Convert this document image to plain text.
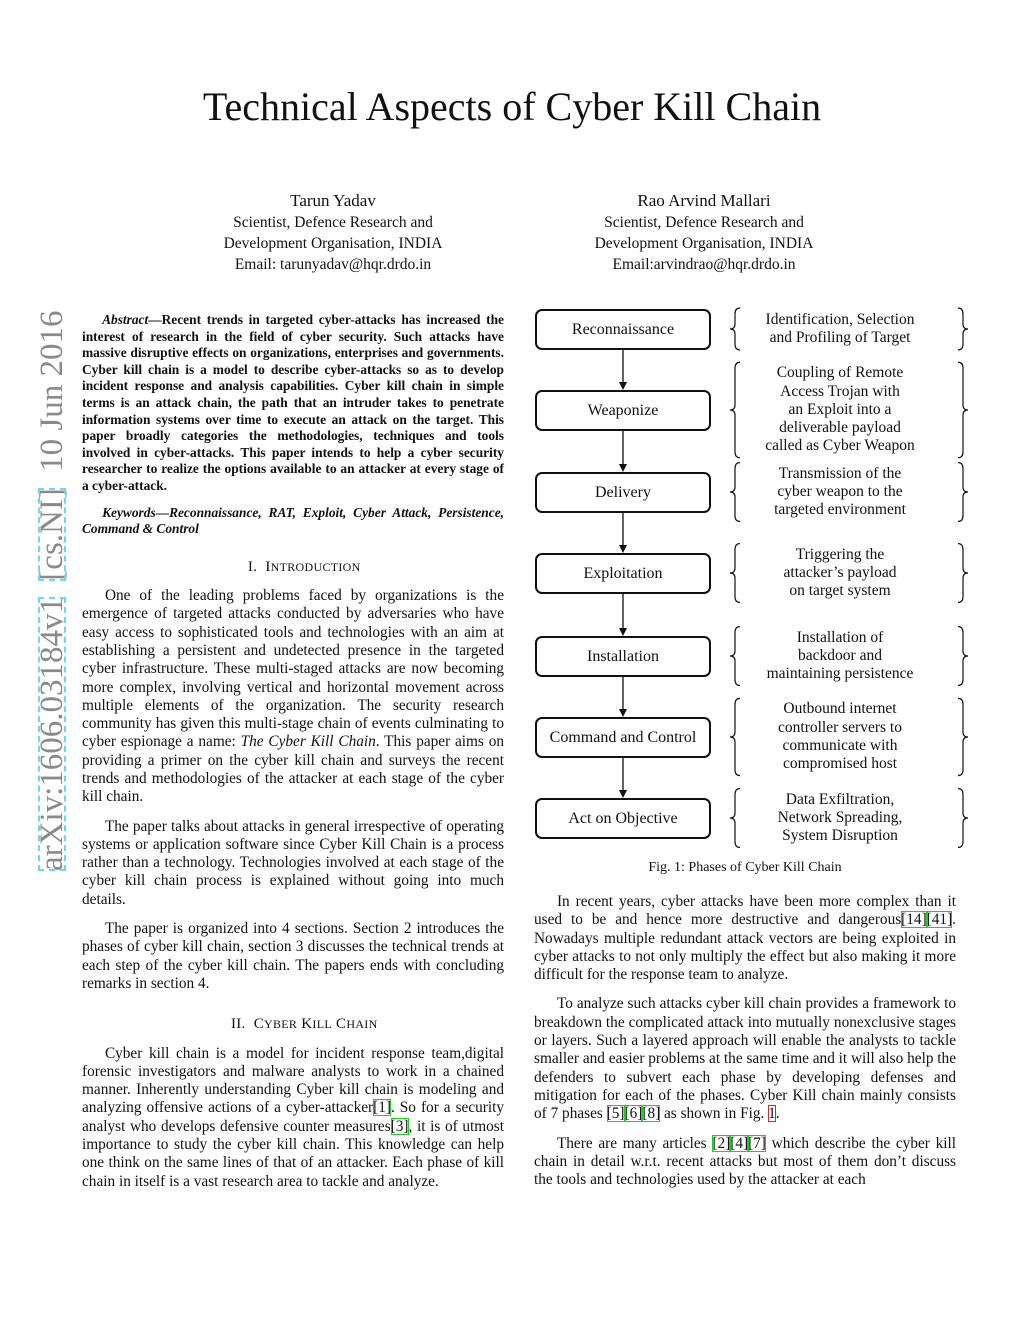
Technical Aspects of Cyber Kill Chain
Tarun Yadav
Scientist, Defence Research and
Development Organisation, INDIA
Email: tarunyadav@hqr.drdo.in
Rao Arvind Mallari
Scientist, Defence Research and
Development Organisation, INDIA
Email:arvindrao@hqr.drdo.in
arXiv:1606.03184v1 [cs.NI] 10 Jun 2016	Abstract—Recent trends in targeted cyber-attacks has increased the interest of research in the field of cyber security. Such attacks have massive disruptive effects on organizations, enterprises and governments. Cyber kill chain is a model to describe cyber-attacks so as to develop incident response and analysis capabilities. Cyber kill chain in simple terms is an attack chain, the path that an intruder takes to penetrate information systems over time to execute an attack on the target. This paper broadly categories the methodologies, techniques and tools involved in cyber-attacks. This paper intends to help a cyber security researcher to realize the options available to an attacker at every stage of a cyber-attack.
Keywords—Reconnaissance, RAT, Exploit, Cyber Attack, Persistence, Command & Control

I. INTRODUCTION

One of the leading problems faced by organizations is the emergence of targeted attacks conducted by adversaries who have easy access to sophisticated tools and technologies with an aim at establishing a persistent and undetected presence in the targeted cyber infrastructure. These multi-staged attacks are now becoming more complex, involving vertical and horizontal movement across multiple elements of the organization. The security research community has given this multi-stage chain of events culminating to cyber espionage a name: The Cyber Kill Chain. This paper aims on providing a primer on the cyber kill chain and surveys the recent trends and methodologies of the attacker at each stage of the cyber kill chain.

The paper talks about attacks in general irrespective of operating systems or application software since Cyber Kill Chain is a process rather than a technology. Technologies involved at each stage of the cyber kill chain process is explained without going into much details.

The paper is organized into 4 sections. Section 2 introduces the phases of cyber kill chain, section 3 discusses the technical trends at each step of the cyber kill chain. The papers ends with concluding remarks in section 4.

II. CYBER KILL CHAIN

Cyber kill chain is a model for incident response team,digital forensic investigators and malware analysts to work in a chained manner. Inherently understanding Cyber kill chain is modeling and analyzing offensive actions of a cyber-attacker[1]. So for a security analyst who develops defensive counter measures[3], it is of utmost importance to study the cyber kill chain. This knowledge can help one think on the same lines of that of an attacker. Each phase of kill chain in itself is a vast research area to tackle and analyze.

Reconnaissance
Identification, Selection
and Profiling of Target
Weaponize
Coupling of Remote
Access Trojan with
an Exploit into a
deliverable payload
called as Cyber Weapon
Delivery
Transmission of the
cyber weapon to the
targeted environment
Exploitation
Triggering the
attacker’s payload
on target system
Installation
Installation of
backdoor and
maintaining persistence
Command and Control
Outbound internet
controller servers to
communicate with
compromised host
Act on Objective
Data Exfiltration,
Network Spreading,
System Disruption
Fig. 1: Phases of Cyber Kill Chain

In recent years, cyber attacks have been more complex than it used to be and hence more destructive and dangerous[14][41]. Nowadays multiple redundant attack vectors are being exploited in cyber attacks to not only multiply the effect but also making it more difficult for the response team to analyze.

To analyze such attacks cyber kill chain provides a framework to breakdown the complicated attack into mutually nonexclusive stages or layers. Such a layered approach will enable the analysts to tackle smaller and easier problems at the same time and it will also help the defenders to subvert each phase by developing defenses and mitigation for each of the phases. Cyber Kill chain mainly consists of 7 phases [5][6][8] as shown in Fig. 1.

There are many articles [2][4][7] which describe the cyber kill chain in detail w.r.t. recent attacks but most of them don’t discuss the tools and technologies used by the attacker at each
